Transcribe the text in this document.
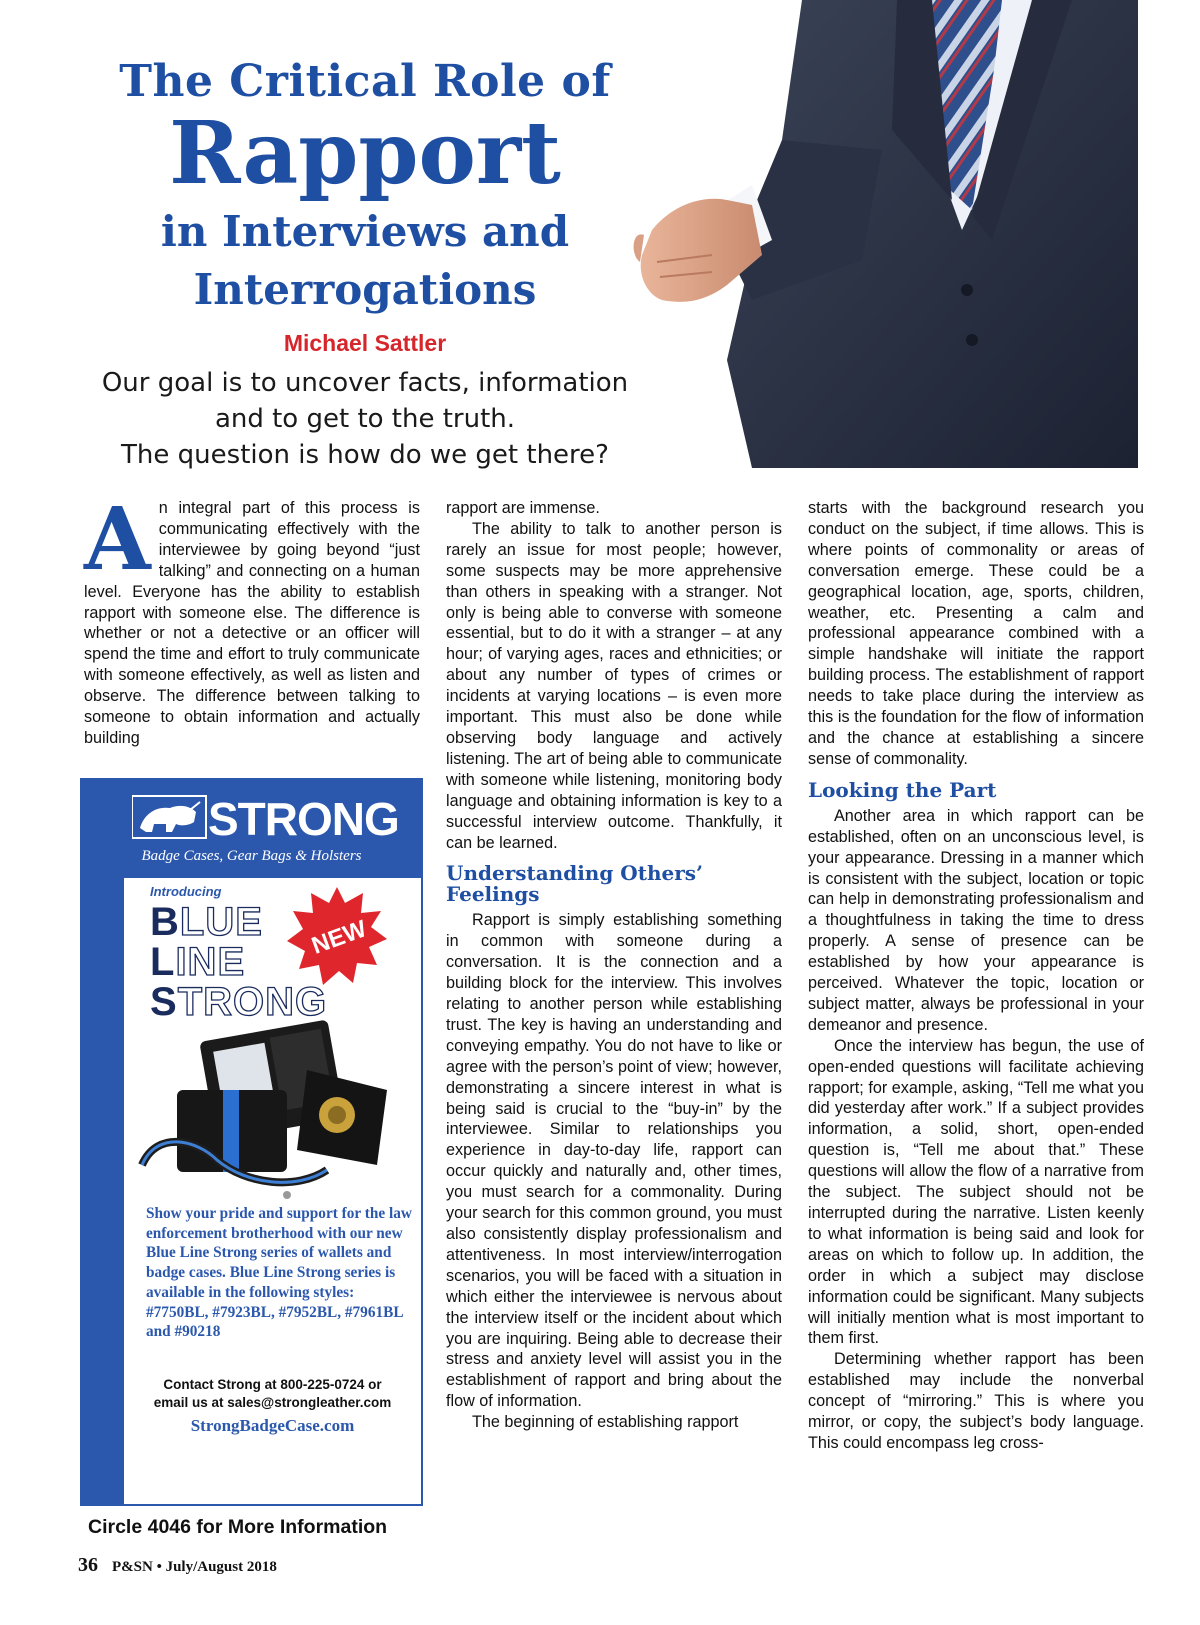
The Critical Role of
Rapport
in Interviews and
Interrogations
Michael Sattler
Our goal is to uncover facts, information
and to get to the truth.
The question is how do we get there?
A n integral part of this process is communicating effectively with the interviewee by going beyond “just talking” and connecting on a human level. Everyone has the ability to establish rapport with someone else. The difference is whether or not a detective or an officer will spend the time and effort to truly communicate with someone effectively, as well as listen and observe. The difference between talking to someone to obtain information and actually building

STRONG
Badge Cases, Gear Bags & Holsters
Introducing
BLUE
LINE
STRONG
NEW
Show your pride and support for the law enforcement brotherhood with our new Blue Line Strong series of wallets and badge cases. Blue Line Strong series is available in the following styles: #7750BL, #7923BL, #7952BL, #7961BL and #90218
Contact Strong at 800-225-0724 or
email us at sales@strongleather.com
StrongBadgeCase.com
Circle 4046 for More Information

rapport are immense.

The ability to talk to another person is rarely an issue for most people; however, some suspects may be more apprehensive than others in speaking with a stranger. Not only is being able to converse with someone essential, but to do it with a stranger – at any hour; of varying ages, races and ethnicities; or about any number of types of crimes or incidents at varying locations – is even more important. This must also be done while observing body language and actively listening. The art of being able to communicate with someone while listening, monitoring body language and obtaining information is key to a successful interview outcome. Thankfully, it can be learned.

Understanding Others’ Feelings

Rapport is simply establishing something in common with someone during a conversation. It is the connection and a building block for the interview. This involves relating to another person while establishing trust. The key is having an understanding and conveying empathy. You do not have to like or agree with the person’s point of view; however, demonstrating a sincere interest in what is being said is crucial to the “buy-in” by the interviewee. Similar to relationships you experience in day-to-day life, rapport can occur quickly and naturally and, other times, you must search for a commonality. During your search for this common ground, you must also consistently display professionalism and attentiveness. In most interview/interrogation scenarios, you will be faced with a situation in which either the interviewee is nervous about the interview itself or the incident about which you are inquiring. Being able to decrease their stress and anxiety level will assist you in the establishment of rapport and bring about the flow of information.

The beginning of establishing rapport

starts with the background research you conduct on the subject, if time allows. This is where points of commonality or areas of conversation emerge. These could be a geographical location, age, sports, children, weather, etc. Presenting a calm and professional appearance combined with a simple handshake will initiate the rapport building process. The establishment of rapport needs to take place during the interview as this is the foundation for the flow of information and the chance at establishing a sincere sense of commonality.

Looking the Part

Another area in which rapport can be established, often on an unconscious level, is your appearance. Dressing in a manner which is consistent with the subject, location or topic can help in demonstrating professionalism and a thoughtfulness in taking the time to dress properly. A sense of presence can be established by how your appearance is perceived. Whatever the topic, location or subject matter, always be professional in your demeanor and presence.

Once the interview has begun, the use of open-ended questions will facilitate achieving rapport; for example, asking, “Tell me what you did yesterday after work.” If a subject provides information, a solid, short, open-ended question is, “Tell me about that.” These questions will allow the flow of a narrative from the subject. The subject should not be interrupted during the narrative. Listen keenly to what information is being said and look for areas on which to follow up. In addition, the order in which a subject may disclose information could be significant. Many subjects will initially mention what is most important to them first.

Determining whether rapport has been established may include the nonverbal concept of “mirroring.” This is where you mirror, or copy, the subject’s body language. This could encompass leg cross-

36 P&SN • July/August 2018
